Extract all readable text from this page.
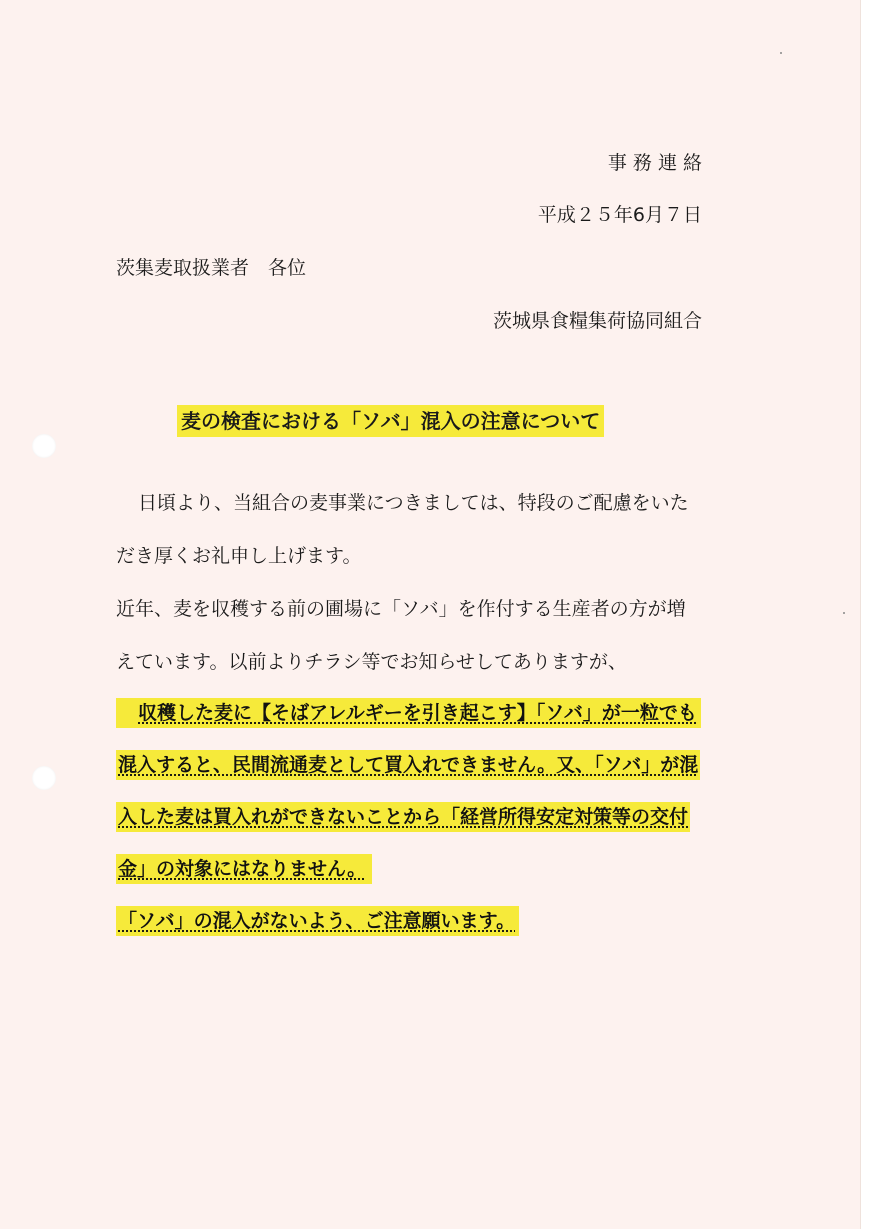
事 務 連 絡
平成２５年6月７日
茨集麦取扱業者　各位
茨城県食糧集荷協同組合
麦の検査における「ソバ」混入の注意について
日頃より、当組合の麦事業につきましては、特段のご配慮をいた
だき厚くお礼申し上げます。
近年、麦を収穫する前の圃場に「ソバ」を作付する生産者の方が増
えています。以前よりチラシ等でお知らせしてありますが、
収穫した麦に【そばアレルギーを引き起こす】「ソバ」が一粒でも
混入すると、民間流通麦として買入れできません。又、「ソバ」が混
入した麦は買入れができないことから「経営所得安定対策等の交付
金」の対象にはなりません。
「ソバ」の混入がないよう、ご注意願います。
